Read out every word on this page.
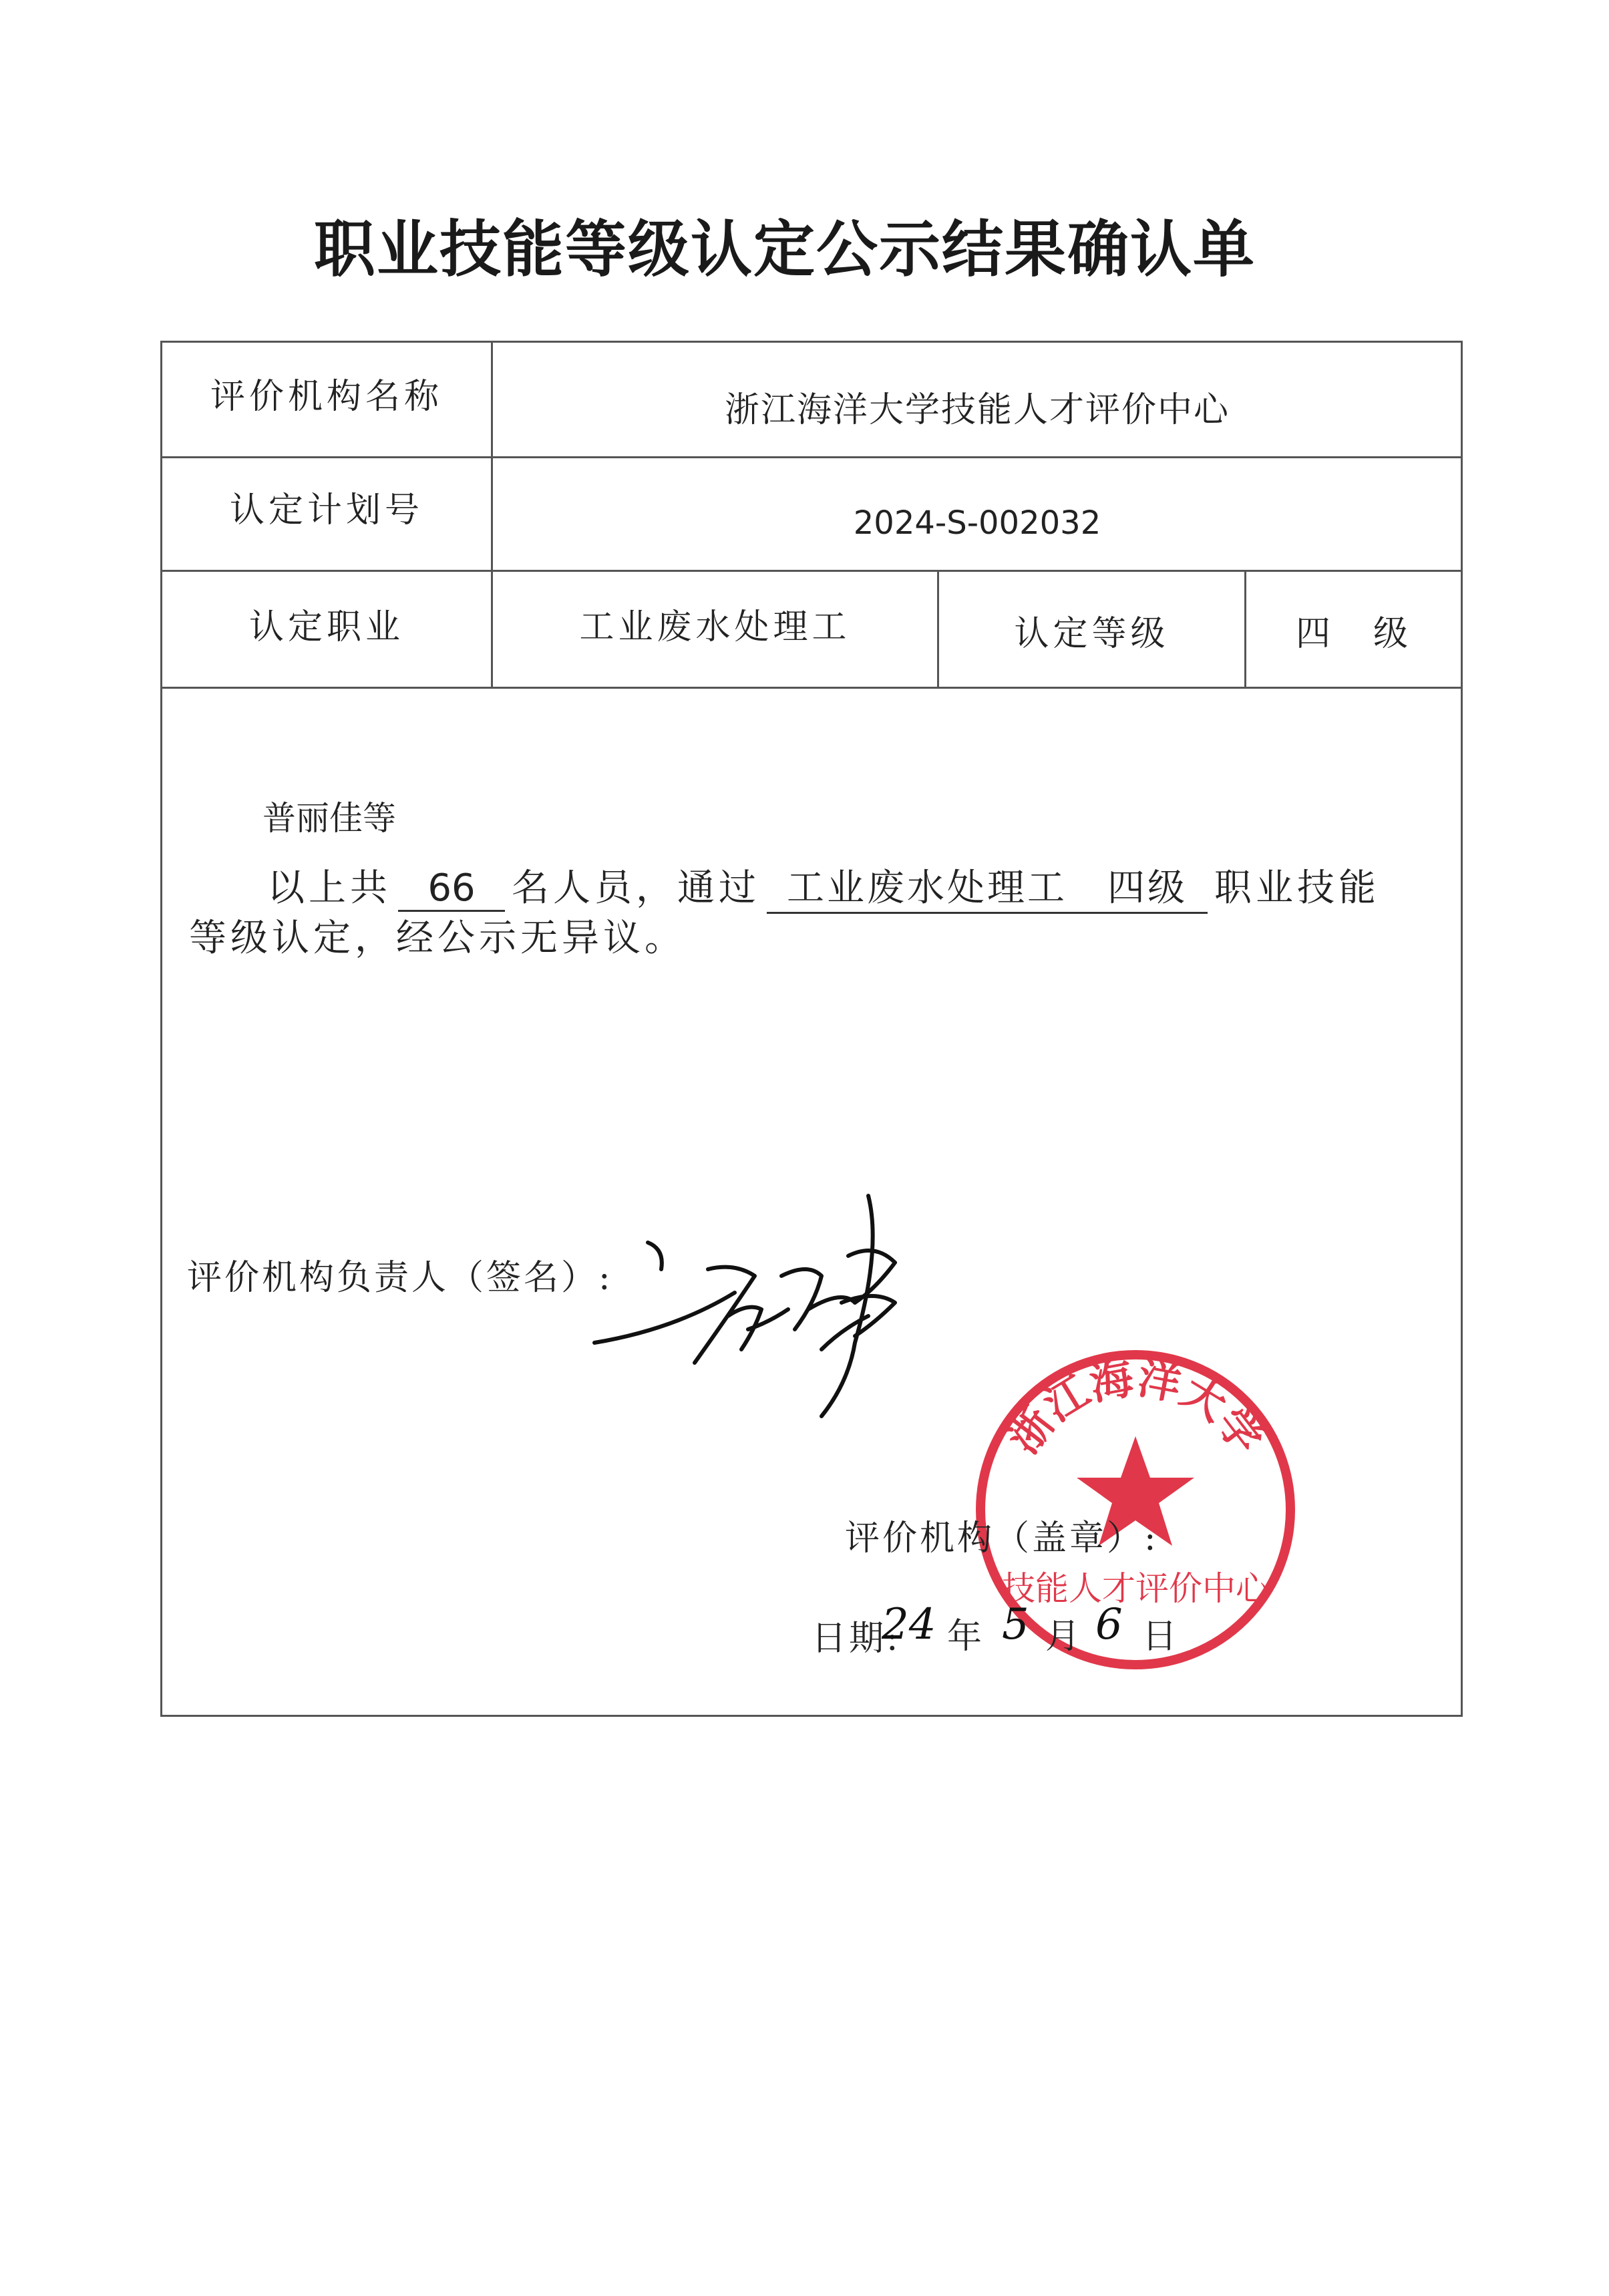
职业技能等级认定公示结果确认单
评价机构名称	浙江海洋大学技能人才评价中心
认定计划号	2024-S-002032
认定职业	工业废水处理工	认定等级	四　级
普丽佳等
以上共 66 名人员，通过 工业废水处理工　四级 职业技能
等级认定，经公示无异议。
评价机构负责人（签名）:
浙江海洋大学
技能人才评价中心
评价机构（盖章）:
日期:
24 年 5 月 6 日
